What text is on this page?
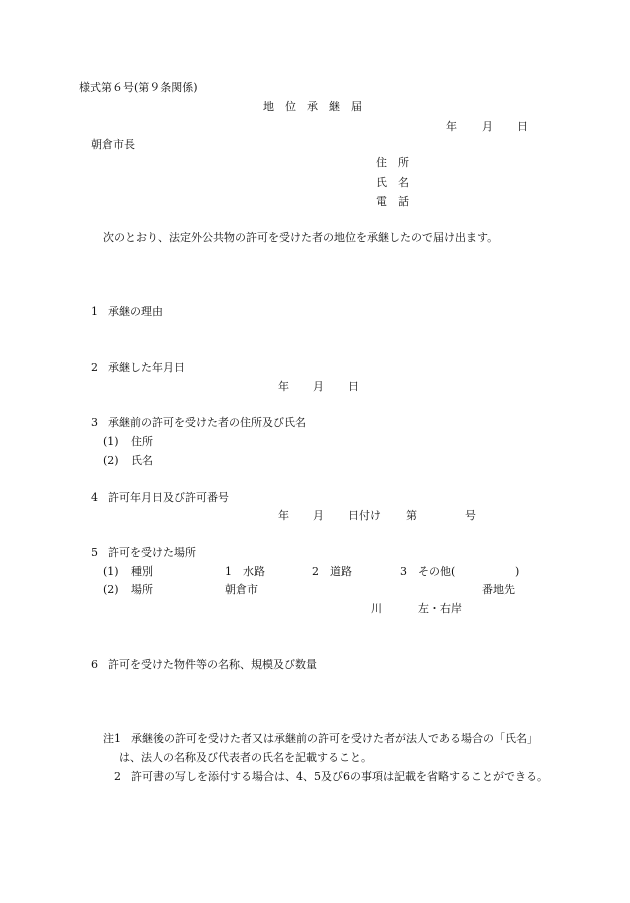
様式第６号(第９条関係)
地　位　承　継　届
年 月 日
朝倉市長
住　所
氏　名
電　話
次のとおり、法定外公共物の許可を受けた者の地位を承継したので届け出ます。
1 承継の理由
2 承継した年月日
年 月 日
3 承継前の許可を受けた者の住所及び氏名
(1) 住所
(2) 氏名
4 許可年月日及び許可番号
年 月 日付け 第	号
5 許可を受けた場所
(1) 種別	1　水路	2　道路	3　その他(	)
(2) 場所	朝倉市	番地先
川	左・右岸
6 許可を受けた物件等の名称、規模及び数量
注1 承継後の許可を受けた者又は承継前の許可を受けた者が法人である場合の「氏名」
は、法人の名称及び代表者の氏名を記載すること。
2 許可書の写しを添付する場合は、4、5及び6の事項は記載を省略することができる。
